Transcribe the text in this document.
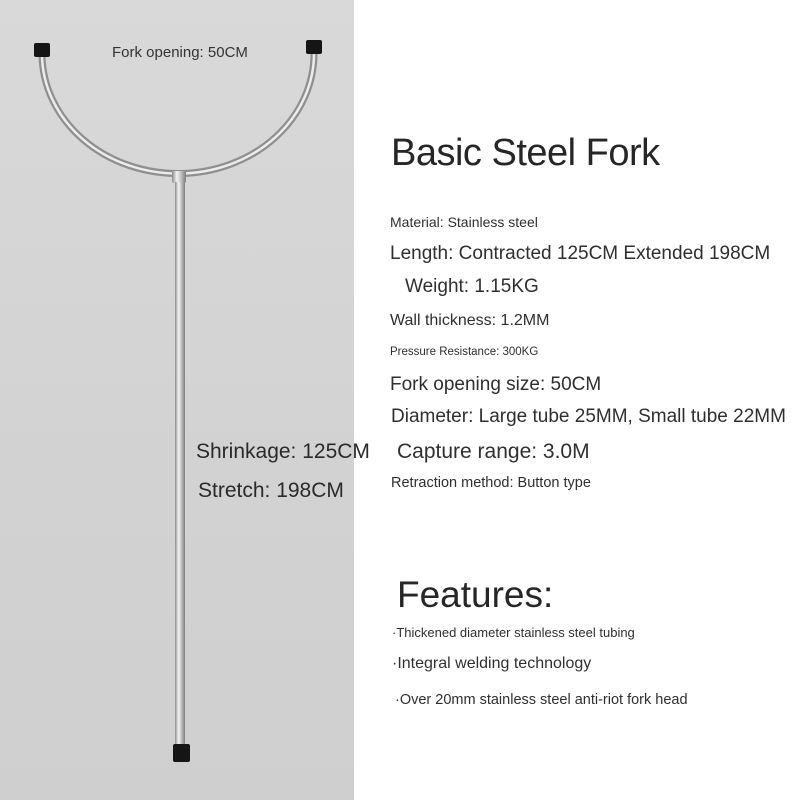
Fork opening: 50CM
Shrinkage: 125CM
Stretch: 198CM
Basic Steel Fork
Material: Stainless steel
Length: Contracted 125CM Extended 198CM
Weight: 1.15KG
Wall thickness: 1.2MM
Pressure Resistance: 300KG
Fork opening size: 50CM
Diameter: Large tube 25MM, Small tube 22MM
Capture range: 3.0M
Retraction method: Button type
Features:
·Thickened diameter stainless steel tubing
·Integral welding technology
·Over 20mm stainless steel anti-riot fork head
